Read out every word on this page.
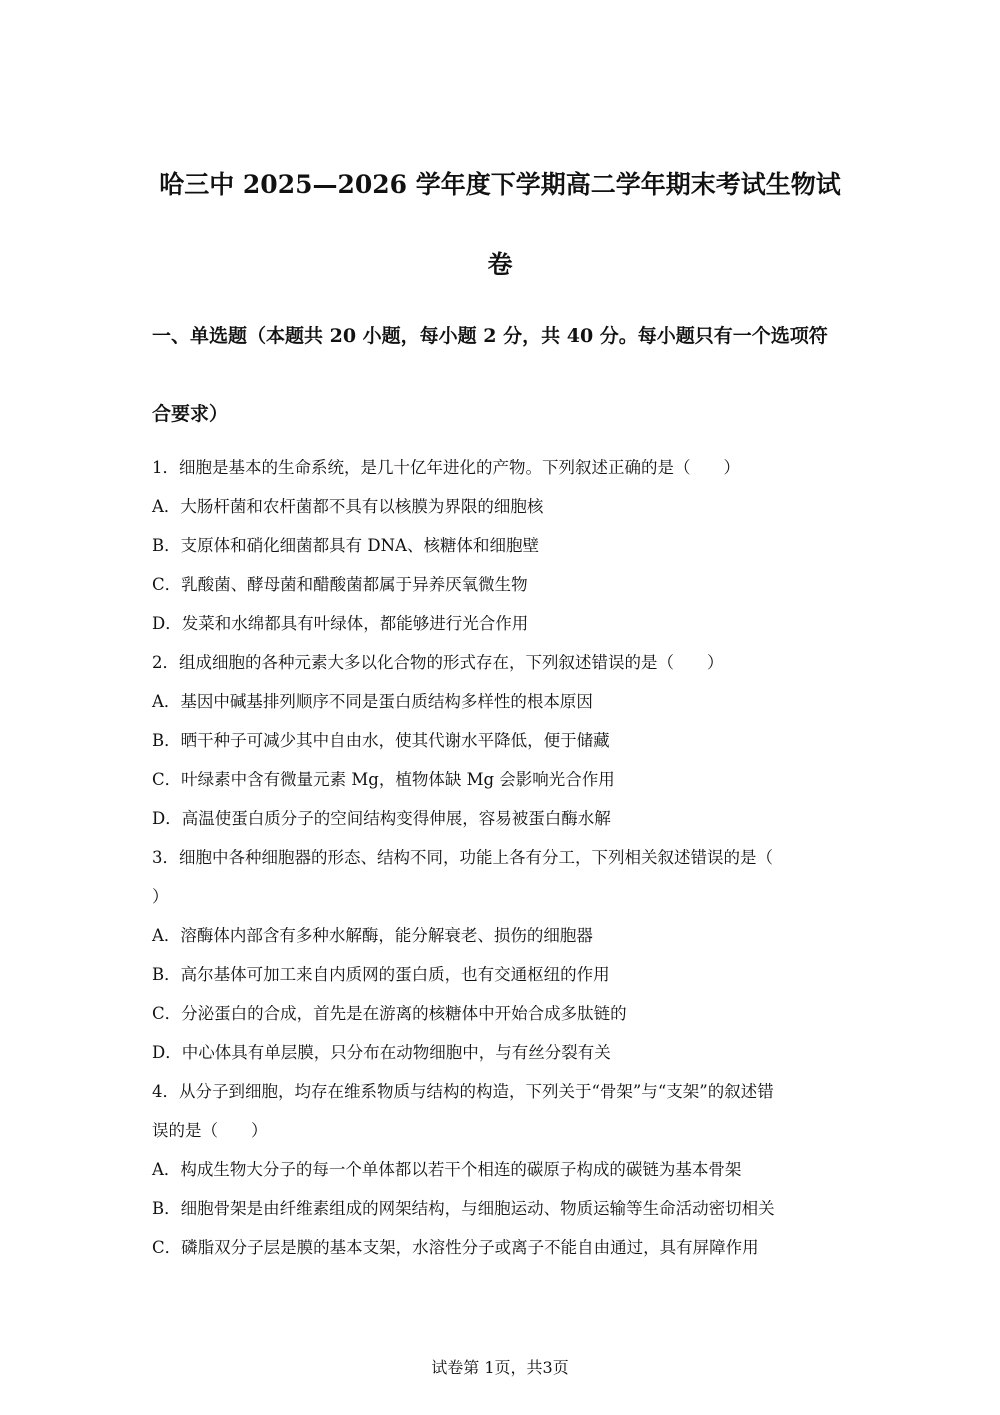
哈三中 2025—2026 学年度下学期高二学年期末考试生物试
卷
一、单选题（本题共 20 小题，每小题 2 分，共 40 分。每小题只有一个选项符
合要求）
1．细胞是基本的生命系统，是几十亿年进化的产物。下列叙述正确的是（　　）
A．大肠杆菌和农杆菌都不具有以核膜为界限的细胞核
B．支原体和硝化细菌都具有 DNA、核糖体和细胞壁
C．乳酸菌、酵母菌和醋酸菌都属于异养厌氧微生物
D．发菜和水绵都具有叶绿体，都能够进行光合作用
2．组成细胞的各种元素大多以化合物的形式存在，下列叙述错误的是（　　）
A．基因中碱基排列顺序不同是蛋白质结构多样性的根本原因
B．晒干种子可减少其中自由水，使其代谢水平降低，便于储藏
C．叶绿素中含有微量元素 Mg，植物体缺 Mg 会影响光合作用
D．高温使蛋白质分子的空间结构变得伸展，容易被蛋白酶水解
3．细胞中各种细胞器的形态、结构不同，功能上各有分工，下列相关叙述错误的是（
）
A．溶酶体内部含有多种水解酶，能分解衰老、损伤的细胞器
B．高尔基体可加工来自内质网的蛋白质，也有交通枢纽的作用
C．分泌蛋白的合成，首先是在游离的核糖体中开始合成多肽链的
D．中心体具有单层膜，只分布在动物细胞中，与有丝分裂有关
4．从分子到细胞，均存在维系物质与结构的构造，下列关于“骨架”与“支架”的叙述错
误的是（　　）
A．构成生物大分子的每一个单体都以若干个相连的碳原子构成的碳链为基本骨架
B．细胞骨架是由纤维素组成的网架结构，与细胞运动、物质运输等生命活动密切相关
C．磷脂双分子层是膜的基本支架，水溶性分子或离子不能自由通过，具有屏障作用
试卷第 1页，共3页
